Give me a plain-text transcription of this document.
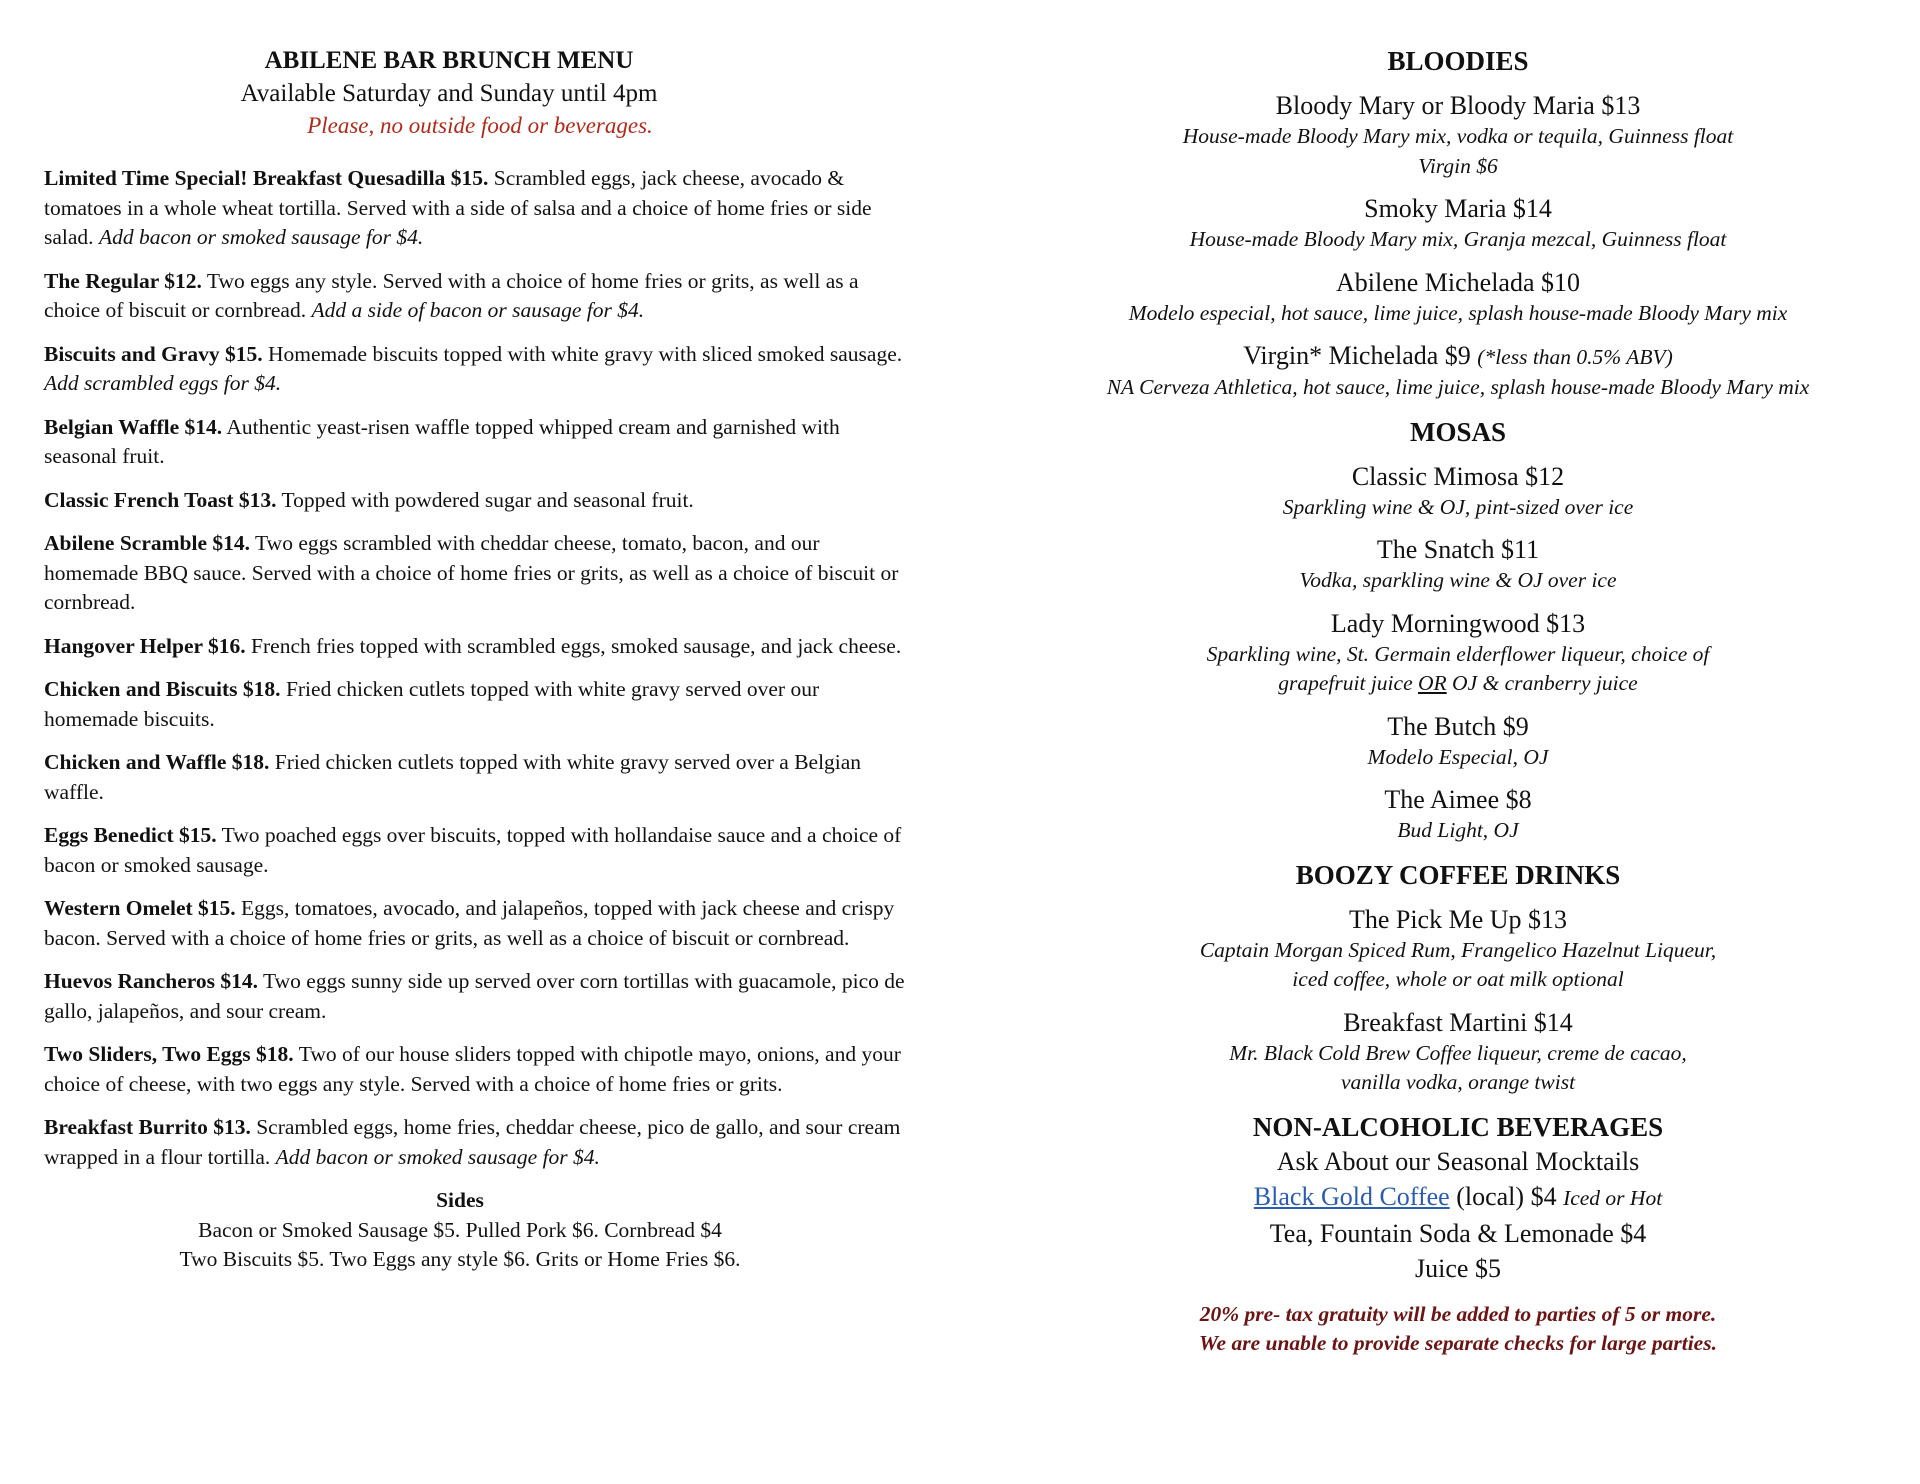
ABILENE BAR BRUNCH MENU
Available Saturday and Sunday until 4pm
Please, no outside food or beverages.
Limited Time Special! Breakfast Quesadilla $15. Scrambled eggs, jack cheese, avocado & tomatoes in a whole wheat tortilla. Served with a side of salsa and a choice of home fries or side salad. Add bacon or smoked sausage for $4.
The Regular $12. Two eggs any style. Served with a choice of home fries or grits, as well as a choice of biscuit or cornbread. Add a side of bacon or sausage for $4.
Biscuits and Gravy $15. Homemade biscuits topped with white gravy with sliced smoked sausage. Add scrambled eggs for $4.
Belgian Waffle $14. Authentic yeast-risen waffle topped whipped cream and garnished with seasonal fruit.
Classic French Toast $13. Topped with powdered sugar and seasonal fruit.
Abilene Scramble $14. Two eggs scrambled with cheddar cheese, tomato, bacon, and our homemade BBQ sauce. Served with a choice of home fries or grits, as well as a choice of biscuit or cornbread.
Hangover Helper $16. French fries topped with scrambled eggs, smoked sausage, and jack cheese.
Chicken and Biscuits $18. Fried chicken cutlets topped with white gravy served over our homemade biscuits.
Chicken and Waffle $18. Fried chicken cutlets topped with white gravy served over a Belgian waffle.
Eggs Benedict $15. Two poached eggs over biscuits, topped with hollandaise sauce and a choice of bacon or smoked sausage.
Western Omelet $15. Eggs, tomatoes, avocado, and jalapeños, topped with jack cheese and crispy bacon. Served with a choice of home fries or grits, as well as a choice of biscuit or cornbread.
Huevos Rancheros $14. Two eggs sunny side up served over corn tortillas with guacamole, pico de gallo, jalapeños, and sour cream.
Two Sliders, Two Eggs $18. Two of our house sliders topped with chipotle mayo, onions, and your choice of cheese, with two eggs any style. Served with a choice of home fries or grits.
Breakfast Burrito $13. Scrambled eggs, home fries, cheddar cheese, pico de gallo, and sour cream wrapped in a flour tortilla. Add bacon or smoked sausage for $4.
Sides
Bacon or Smoked Sausage $5. Pulled Pork $6. Cornbread $4
Two Biscuits $5. Two Eggs any style $6. Grits or Home Fries $6.
BLOODIES
Bloody Mary or Bloody Maria $13
House-made Bloody Mary mix, vodka or tequila, Guinness float
Virgin $6
Smoky Maria $14
House-made Bloody Mary mix, Granja mezcal, Guinness float
Abilene Michelada $10
Modelo especial, hot sauce, lime juice, splash house-made Bloody Mary mix
Virgin* Michelada $9 (*less than 0.5% ABV)
NA Cerveza Athletica, hot sauce, lime juice, splash house-made Bloody Mary mix
MOSAS
Classic Mimosa $12
Sparkling wine & OJ, pint-sized over ice
The Snatch $11
Vodka, sparkling wine & OJ over ice
Lady Morningwood $13
Sparkling wine, St. Germain elderflower liqueur, choice of
grapefruit juice OR OJ & cranberry juice
The Butch $9
Modelo Especial, OJ
The Aimee $8
Bud Light, OJ
BOOZY COFFEE DRINKS
The Pick Me Up $13
Captain Morgan Spiced Rum, Frangelico Hazelnut Liqueur,
iced coffee, whole or oat milk optional
Breakfast Martini $14
Mr. Black Cold Brew Coffee liqueur, creme de cacao,
vanilla vodka, orange twist
NON-ALCOHOLIC BEVERAGES
Ask About our Seasonal Mocktails
Black Gold Coffee (local) $4 Iced or Hot
Tea, Fountain Soda & Lemonade $4
Juice $5
20% pre- tax gratuity will be added to parties of 5 or more.
We are unable to provide separate checks for large parties.
